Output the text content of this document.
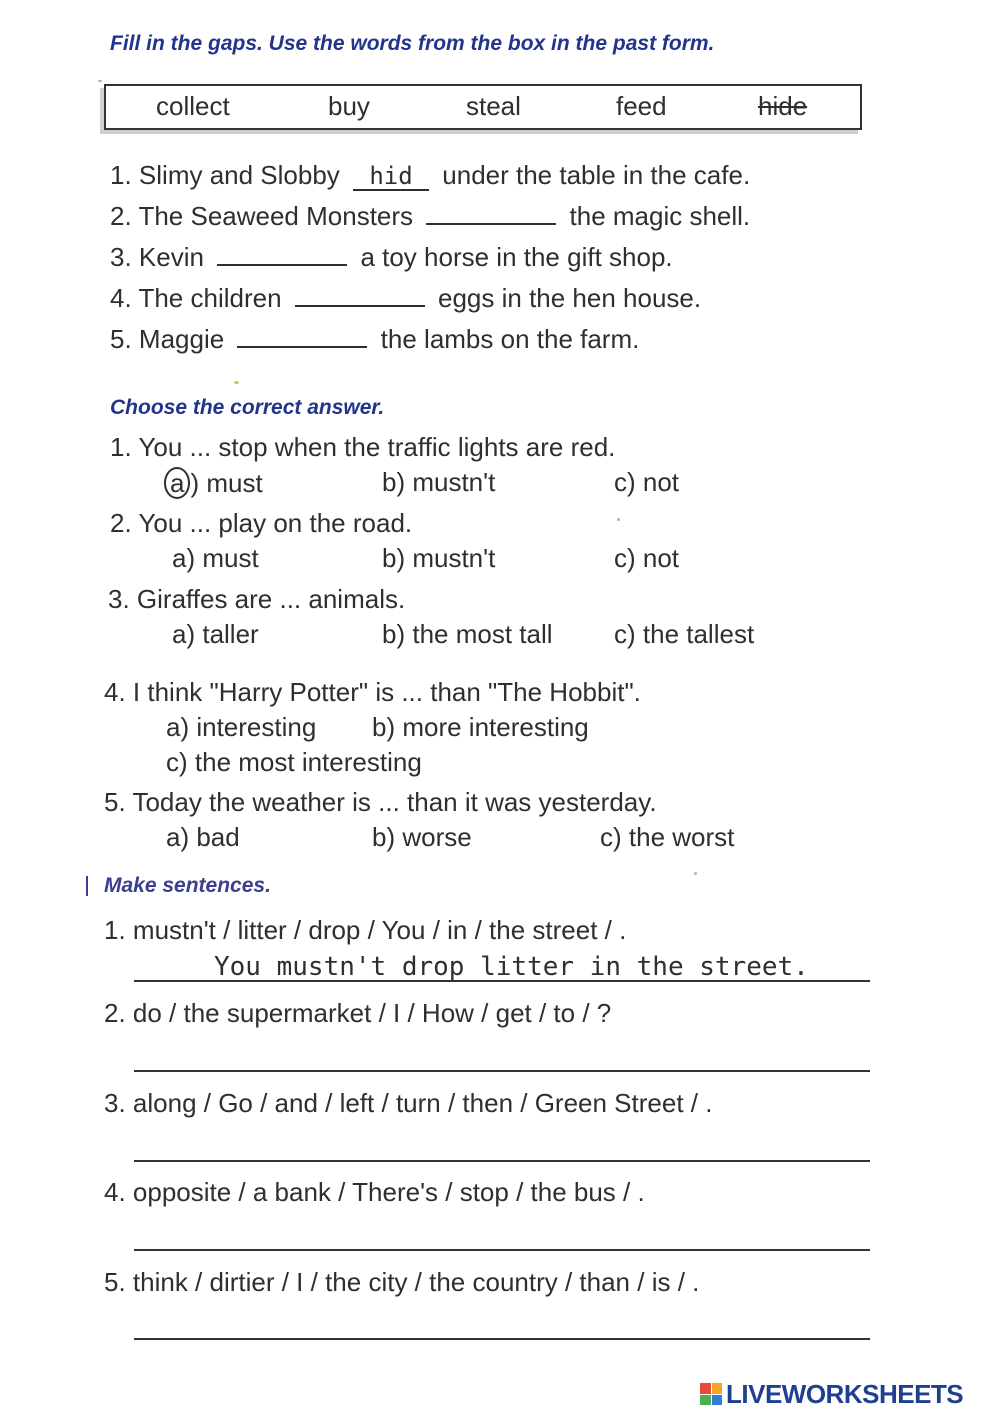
Fill in the gaps. Use the words from the box in the past form.
collect	buy	steal	feed	hide
1. Slimy and Slobby hid under the table in the cafe.
2. The Seaweed Monsters	the magic shell.
3. Kevin	a toy horse in the gift shop.
4. The children	eggs in the hen house.
5. Maggie	the lambs on the farm.
Choose the correct answer.
1. You ... stop when the traffic lights are red.
a ) must	b) mustn't	c) not
2. You ... play on the road.
a) must	b) mustn't	c) not
3. Giraffes are ... animals.
a) taller	b) the most tall c) the tallest
4. I think "Harry Potter" is ... than "The Hobbit".
a) interesting b) more interesting
c) the most interesting
5. Today the weather is ... than it was yesterday.
a) bad	b) worse	c) the worst
Make sentences.
1. mustn't / litter / drop / You / in / the street / .
You mustn't drop litter in the street.
2. do / the supermarket / I / How / get / to / ?
3. along / Go / and / left / turn / then / Green Street / .
4. opposite / a bank / There's / stop / the bus / .
5. think / dirtier / I / the city / the country / than / is / .
LIVEWORKSHEETS
